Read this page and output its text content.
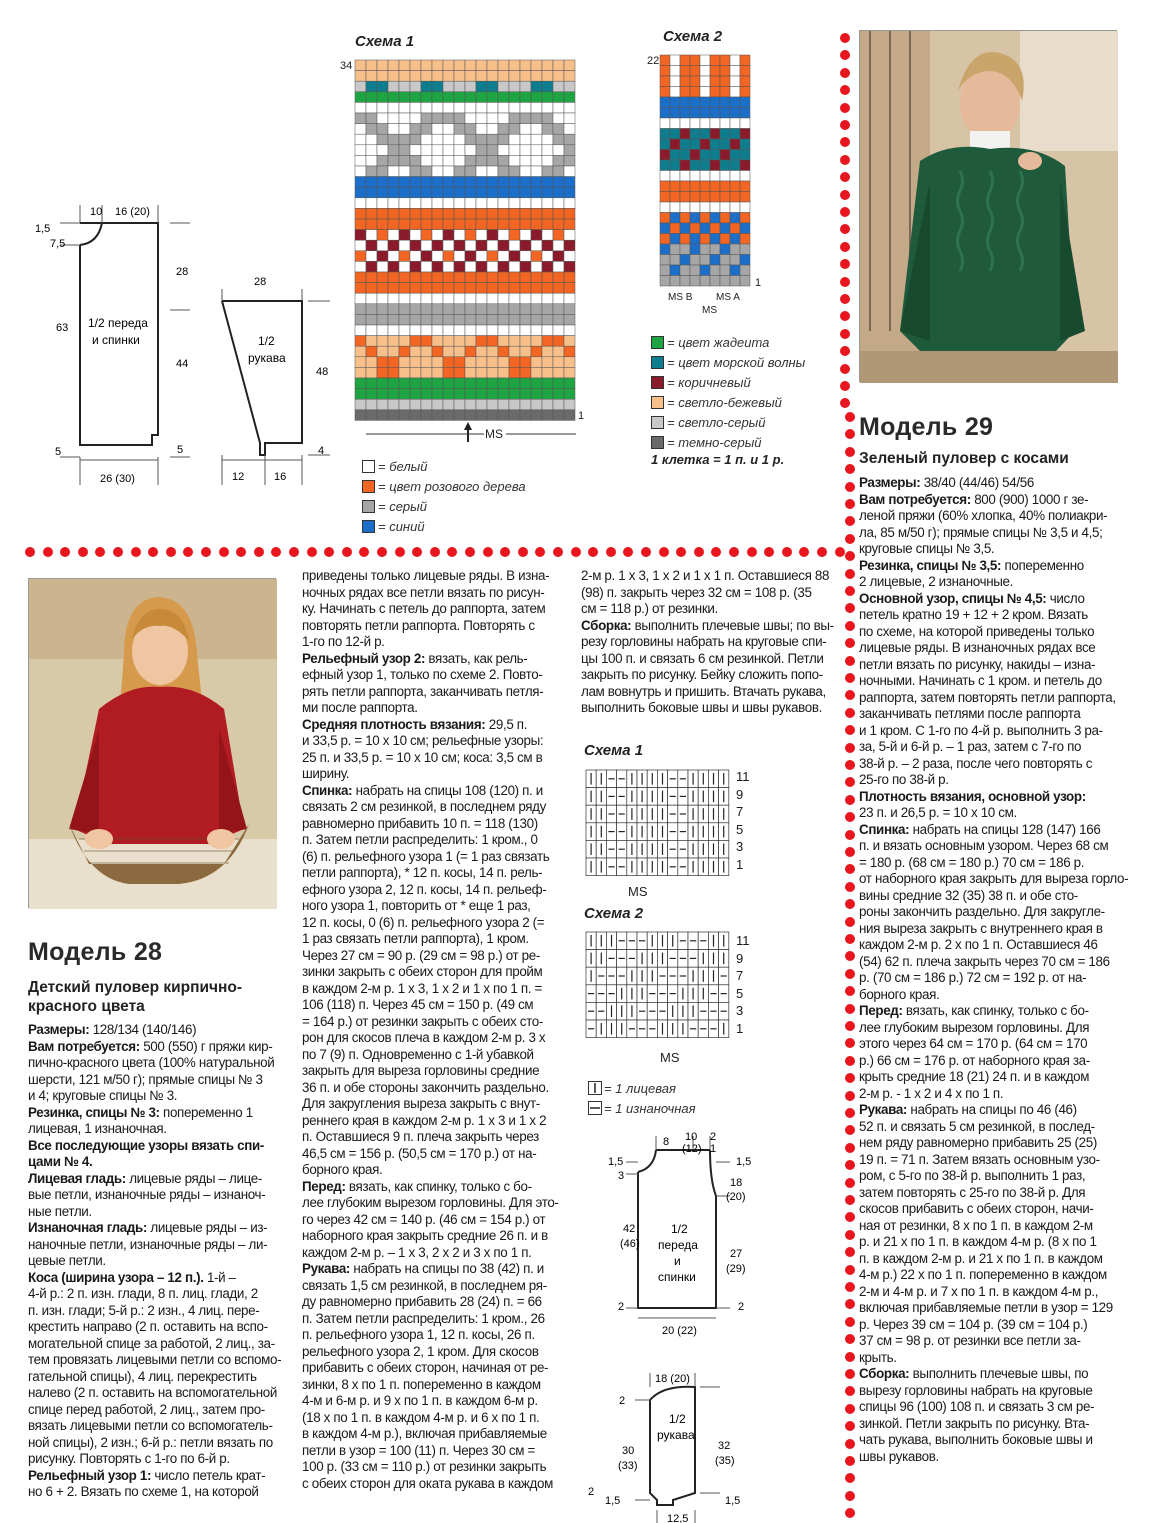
10 16 (20)
1,5
7,5
28
63
44
1/2 переда
и спинки
5	5
26 (30)
28
1/2
рукава
48
4
12	16
Схема 1
34
1
MS
Схема 2
22
1
MS B MS A
MS
= цвет жадеита
= цвет морской волны
= коричневый
= светло-бежевый
= светло-серый
= темно-серый
1 клетка = 1 п. и 1 р.
= белый
= цвет розового дерева
= серый
= синий
Модель 29
Зеленый пуловер с косами

Размеры: 38/40 (44/46) 54/56

Вам потребуется: 800 (900) 1000 г зе-

леной пряжи (60% хлопка, 40% полиакри-

ла, 85 м/50 г); прямые спицы № 3,5 и 4,5;

круговые спицы № 3,5.

Резинка, спицы № 3,5: попеременно

2 лицевые, 2 изнаночные.

Основной узор, спицы № 4,5: число

петель кратно 19 + 12 + 2 кром. Вязать

по схеме, на которой приведены только

лицевые ряды. В изнаночных рядах все

петли вязать по рисунку, накиды – изна-

ночными. Начинать с 1 кром. и петель до

раппорта, затем повторять петли раппорта,

заканчивать петлями после раппорта

и 1 кром. С 1-го по 4-й р. выполнить 3 ра-

за, 5-й и 6-й р. – 1 раз, затем с 7-го по

38-й р. – 2 раза, после чего повторять с

25-го по 38-й р.

Плотность вязания, основной узор:

23 п. и 26,5 р. = 10 х 10 см.

Спинка: набрать на спицы 128 (147) 166

п. и вязать основным узором. Через 68 см

= 180 р. (68 см = 180 р.) 70 см = 186 р.

от наборного края закрыть для выреза горло-

вины средние 32 (35) 38 п. и обе сто-

роны закончить раздельно. Для закругле-

ния выреза закрыть с внутреннего края в

каждом 2-м р. 2 х по 1 п. Оставшиеся 46

(54) 62 п. плеча закрыть через 70 см = 186

р. (70 см = 186 р.) 72 см = 192 р. от на-

борного края.

Перед: вязать, как спинку, только с бо-

лее глубоким вырезом горловины. Для

этого через 64 см = 170 р. (64 см = 170

р.) 66 см = 176 р. от наборного края за-

крыть средние 18 (21) 24 п. и в каждом

2-м р. - 1 х 2 и 4 х по 1 п.

Рукава: набрать на спицы по 46 (46)

52 п. и связать 5 см резинкой, в послед-

нем ряду равномерно прибавить 25 (25)

19 п. = 71 п. Затем вязать основным узо-

ром, с 5-го по 38-й р. выполнить 1 раз,

затем повторять с 25-го по 38-й р. Для

скосов прибавить с обеих сторон, начи-

ная от резинки, 8 х по 1 п. в каждом 2-м

р. и 21 х по 1 п. в каждом 4-м р. (8 х по 1

п. в каждом 2-м р. и 21 х по 1 п. в каждом

4-м р.) 22 х по 1 п. попеременно в каждом

2-м и 4-м р. и 7 х по 1 п. в каждом 4-м р.,

включая прибавляемые петли в узор = 129

р. Через 39 см = 104 р. (39 см = 104 р.)

37 см = 98 р. от резинки все петли за-

крыть.

Сборка: выполнить плечевые швы, по

вырезу горловины набрать на круговые

спицы 96 (100) 108 п. и связать 3 см ре-

зинкой. Петли закрыть по рисунку. Вта-

чать рукава, выполнить боковые швы и

швы рукавов.

Модель 28
Детский пуловер кирпично-
красного цвета

Размеры: 128/134 (140/146)

Вам потребуется: 500 (550) г пряжи кир-

пично-красного цвета (100% натуральной

шерсти, 121 м/50 г); прямые спицы № 3

и 4; круговые спицы № 3.

Резинка, спицы № 3: попеременно 1

лицевая, 1 изнаночная.

Все последующие узоры вязать спи-

цами № 4.

Лицевая гладь: лицевые ряды – лице-

вые петли, изнаночные ряды – изнаноч-

ные петли.

Изнаночная гладь: лицевые ряды – из-

наночные петли, изнаночные ряды – ли-

цевые петли.

Коса (ширина узора – 12 п.). 1-й –

4-й р.: 2 п. изн. глади, 8 п. лиц. глади, 2

п. изн. глади; 5-й р.: 2 изн., 4 лиц. пере-

крестить направо (2 п. оставить на вспо-

могательной спице за работой, 2 лиц., за-

тем провязать лицевыми петли со вспомо-

гательной спицы), 4 лиц. перекрестить

налево (2 п. оставить на вспомогательной

спице перед работой, 2 лиц., затем про-

вязать лицевыми петли со вспомогатель-

ной спицы), 2 изн.; 6-й р.: петли вязать по

рисунку. Повторять с 1-го по 6-й р.

Рельефный узор 1: число петель крат-

но 6 + 2. Вязать по схеме 1, на которой

приведены только лицевые ряды. В изна-

ночных рядах все петли вязать по рисун-

ку. Начинать с петель до раппорта, затем

повторять петли раппорта. Повторять с

1-го по 12-й р.

Рельефный узор 2: вязать, как рель-

ефный узор 1, только по схеме 2. Повто-

рять петли раппорта, заканчивать петля-

ми после раппорта.

Средняя плотность вязания: 29,5 п.

и 33,5 р. = 10 х 10 см; рельефные узоры:

25 п. и 33,5 р. = 10 х 10 см; коса: 3,5 см в

ширину.

Спинка: набрать на спицы 108 (120) п. и

связать 2 см резинкой, в последнем ряду

равномерно прибавить 10 п. = 118 (130)

п. Затем петли распределить: 1 кром., 0

(6) п. рельефного узора 1 (= 1 раз связать

петли раппорта), * 12 п. косы, 14 п. рель-

ефного узора 2, 12 п. косы, 14 п. рельеф-

ного узора 1, повторить от * еще 1 раз,

12 п. косы, 0 (6) п. рельефного узора 2 (=

1 раз связать петли раппорта), 1 кром.

Через 27 см = 90 р. (29 см = 98 р.) от ре-

зинки закрыть с обеих сторон для пройм

в каждом 2-м р. 1 х 3, 1 х 2 и 1 х по 1 п. =

106 (118) п. Через 45 см = 150 р. (49 см

= 164 р.) от резинки закрыть с обеих сто-

рон для скосов плеча в каждом 2-м р. 3 х

по 7 (9) п. Одновременно с 1-й убавкой

закрыть для выреза горловины средние

36 п. и обе стороны закончить раздельно.

Для закругления выреза закрыть с внут-

реннего края в каждом 2-м р. 1 х 3 и 1 х 2

п. Оставшиеся 9 п. плеча закрыть через

46,5 см = 156 р. (50,5 см = 170 р.) от на-

борного края.

Перед: вязать, как спинку, только с бо-

лее глубоким вырезом горловины. Для это-

го через 42 см = 140 р. (46 см = 154 р.) от

наборного края закрыть средние 26 п. и в

каждом 2-м р. – 1 х 3, 2 х 2 и 3 х по 1 п.

Рукава: набрать на спицы по 38 (42) п. и

связать 1,5 см резинкой, в последнем ря-

ду равномерно прибавить 28 (24) п. = 66

п. Затем петли распределить: 1 кром., 26

п. рельефного узора 1, 12 п. косы, 26 п.

рельефного узора 2, 1 кром. Для скосов

прибавить с обеих сторон, начиная от ре-

зинки, 8 х по 1 п. попеременно в каждом

4-м и 6-м р. и 9 х по 1 п. в каждом 6-м р.

(18 х по 1 п. в каждом 4-м р. и 6 х по 1 п.

в каждом 4-м р.), включая прибавляемые

петли в узор = 100 (11) п. Через 30 см =

100 р. (33 см = 110 р.) от резинки закрыть

с обеих сторон для оката рукава в каждом

2-м р. 1 х 3, 1 х 2 и 1 х 1 п. Оставшиеся 88

(98) п. закрыть через 32 см = 108 р. (35

см = 118 р.) от резинки.

Сборка: выполнить плечевые швы; по вы-

резу горловины набрать на круговые спи-

цы 100 п. и связать 6 см резинкой. Петли

закрыть по рисунку. Бейку сложить попо-

лам вовнутрь и пришить. Втачать рукава,

выполнить боковые швы и швы рукавов.

Схема 1
11
9
7
5
3
1
MS
Схема 2
11
9
7
5
3
1
MS
= 1 лицевая
= 1 изнаночная
8 10
(12)
2
1
1,5
3
1,5
18
(20)
42
(46)
1/2
переда
и
спинки
27
(29)
2	2
20 (22)
18 (20)
2
1/2
рукава
30
(33)
32
(35)
2
1,5	1,5
12,5
